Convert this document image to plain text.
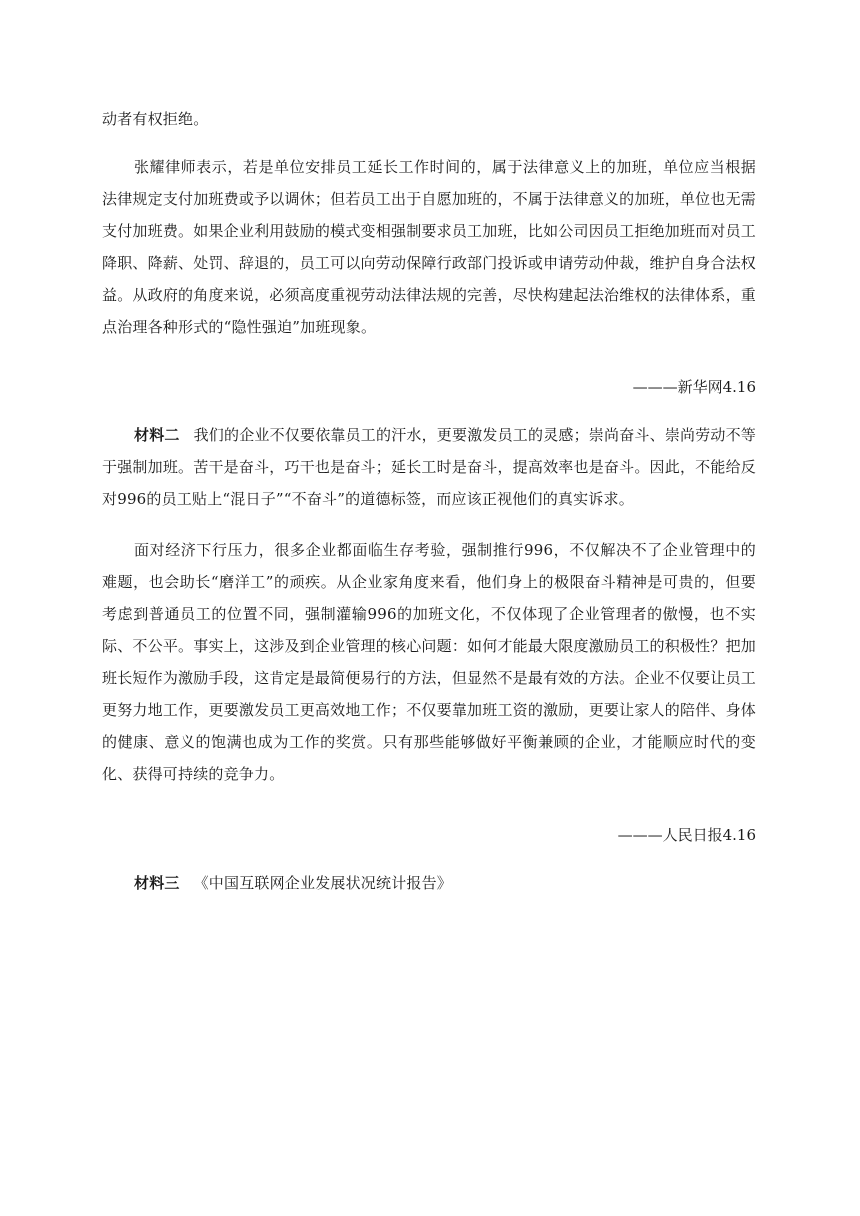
动者有权拒绝。

张耀律师表示，若是单位安排员工延长工作时间的，属于法律意义上的加班，单位应当根据法律规定支付加班费或予以调休；但若员工出于自愿加班的，不属于法律意义的加班，单位也无需支付加班费。如果企业利用鼓励的模式变相强制要求员工加班，比如公司因员工拒绝加班而对员工降职、降薪、处罚、辞退的，员工可以向劳动保障行政部门投诉或申请劳动仲裁，维护自身合法权益。从政府的角度来说，必须高度重视劳动法律法规的完善，尽快构建起法治维权的法律体系，重点治理各种形式的“隐性强迫”加班现象。

———新华网4.16

材料二 我们的企业不仅要依靠员工的汗水，更要激发员工的灵感；崇尚奋斗、崇尚劳动不等于强制加班。苦干是奋斗，巧干也是奋斗；延长工时是奋斗，提高效率也是奋斗。因此，不能给反对996的员工贴上“混日子”“不奋斗”的道德标签，而应该正视他们的真实诉求。

面对经济下行压力，很多企业都面临生存考验，强制推行996，不仅解决不了企业管理中的难题，也会助长“磨洋工”的顽疾。从企业家角度来看，他们身上的极限奋斗精神是可贵的，但要考虑到普通员工的位置不同，强制灌输996的加班文化，不仅体现了企业管理者的傲慢，也不实际、不公平。事实上，这涉及到企业管理的核心问题：如何才能最大限度激励员工的积极性？把加班长短作为激励手段，这肯定是最简便易行的方法，但显然不是最有效的方法。企业不仅要让员工更努力地工作，更要激发员工更高效地工作；不仅要靠加班工资的激励，更要让家人的陪伴、身体的健康、意义的饱满也成为工作的奖赏。只有那些能够做好平衡兼顾的企业，才能顺应时代的变化、获得可持续的竞争力。

———人民日报4.16

材料三 《中国互联网企业发展状况统计报告》
